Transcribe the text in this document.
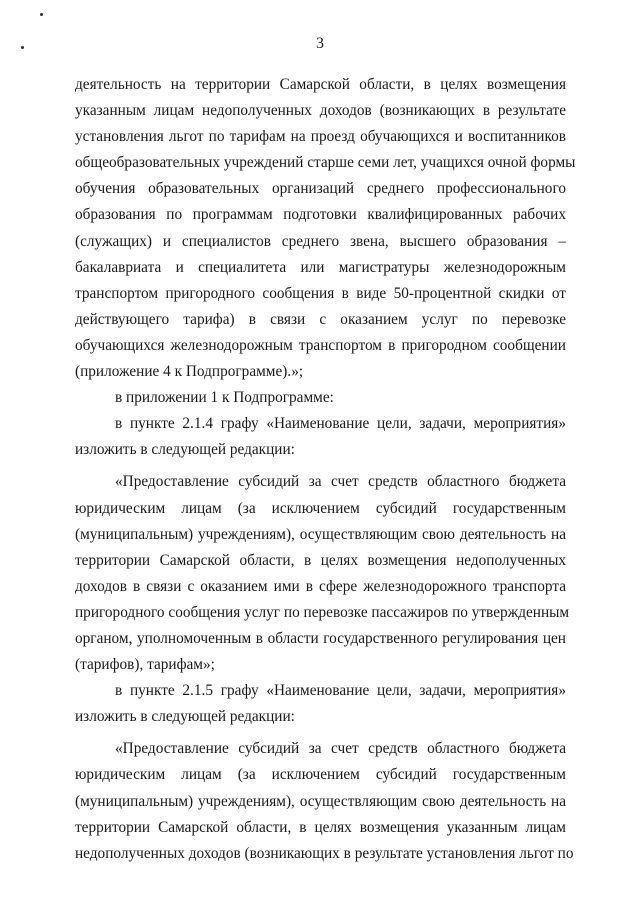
3
деятельность на территории Самарской области, в целях возмещения
указанным лицам недополученных доходов (возникающих в результате
установления льгот по тарифам на проезд обучающихся и воспитанников
общеобразовательных учреждений старше семи лет, учащихся очной формы
обучения образовательных организаций среднего профессионального
образования по программам подготовки квалифицированных рабочих
(служащих) и специалистов среднего звена, высшего образования –
бакалавриата и специалитета или магистратуры железнодорожным
транспортом пригородного сообщения в виде 50-процентной скидки от
действующего тарифа) в связи с оказанием услуг по перевозке
обучающихся железнодорожным транспортом в пригородном сообщении
(приложение 4 к Подпрограмме).»;
в приложении 1 к Подпрограмме:
в пункте 2.1.4 графу «Наименование цели, задачи, мероприятия»
изложить в следующей редакции:
«Предоставление субсидий за счет средств областного бюджета
юридическим лицам (за исключением субсидий государственным
(муниципальным) учреждениям), осуществляющим свою деятельность на
территории Самарской области, в целях возмещения недополученных
доходов в связи с оказанием ими в сфере железнодорожного транспорта
пригородного сообщения услуг по перевозке пассажиров по утвержденным
органом, уполномоченным в области государственного регулирования цен
(тарифов), тарифам»;
в пункте 2.1.5 графу «Наименование цели, задачи, мероприятия»
изложить в следующей редакции:
«Предоставление субсидий за счет средств областного бюджета
юридическим лицам (за исключением субсидий государственным
(муниципальным) учреждениям), осуществляющим свою деятельность на
территории Самарской области, в целях возмещения указанным лицам
недополученных доходов (возникающих в результате установления льгот по
